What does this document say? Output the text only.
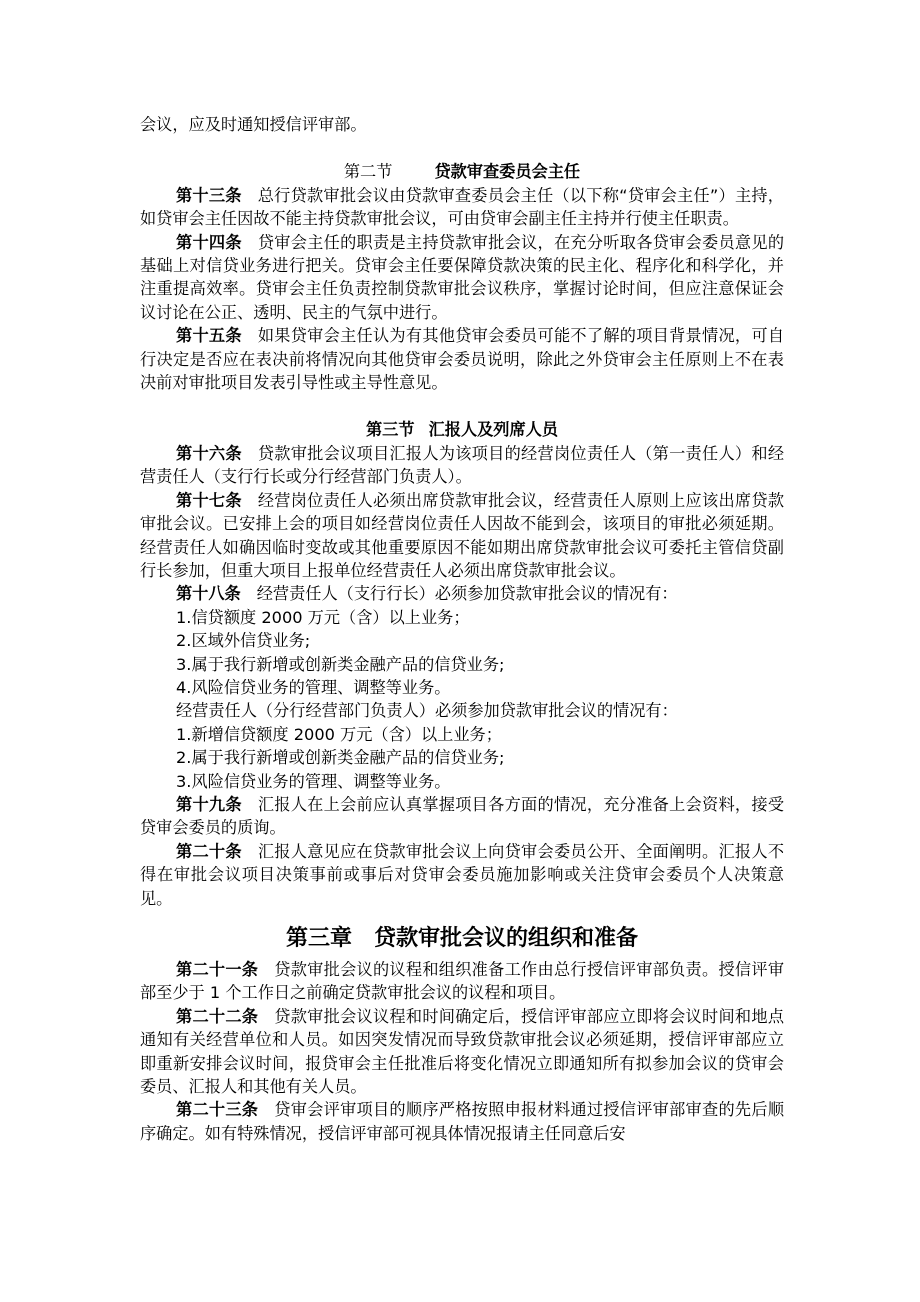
会议，应及时通知授信评审部。

第二节	贷款审查委员会主任

第十三条 总行贷款审批会议由贷款审查委员会主任（以下称“贷审会主任”）主持，如贷审会主任因故不能主持贷款审批会议，可由贷审会副主任主持并行使主任职责。

第十四条 贷审会主任的职责是主持贷款审批会议，在充分听取各贷审会委员意见的基础上对信贷业务进行把关。贷审会主任要保障贷款决策的民主化、程序化和科学化，并注重提高效率。贷审会主任负责控制贷款审批会议秩序，掌握讨论时间，但应注意保证会议讨论在公正、透明、民主的气氛中进行。

第十五条 如果贷审会主任认为有其他贷审会委员可能不了解的项目背景情况，可自行决定是否应在表决前将情况向其他贷审会委员说明，除此之外贷审会主任原则上不在表决前对审批项目发表引导性或主导性意见。

第三节 汇报人及列席人员

第十六条 贷款审批会议项目汇报人为该项目的经营岗位责任人（第一责任人）和经营责任人（支行行长或分行经营部门负责人）。

第十七条 经营岗位责任人必须出席贷款审批会议，经营责任人原则上应该出席贷款审批会议。已安排上会的项目如经营岗位责任人因故不能到会，该项目的审批必须延期。经营责任人如确因临时变故或其他重要原因不能如期出席贷款审批会议可委托主管信贷副行长参加，但重大项目上报单位经营责任人必须出席贷款审批会议。

第十八条 经营责任人（支行行长）必须参加贷款审批会议的情况有：

1.信贷额度 2000 万元（含）以上业务；

2.区域外信贷业务;

3.属于我行新增或创新类金融产品的信贷业务;

4.风险信贷业务的管理、调整等业务。

经营责任人（分行经营部门负责人）必须参加贷款审批会议的情况有：

1.新增信贷额度 2000 万元（含）以上业务；

2.属于我行新增或创新类金融产品的信贷业务;

3.风险信贷业务的管理、调整等业务。

第十九条 汇报人在上会前应认真掌握项目各方面的情况，充分准备上会资料，接受贷审会委员的质询。

第二十条 汇报人意见应在贷款审批会议上向贷审会委员公开、全面阐明。汇报人不得在审批会议项目决策事前或事后对贷审会委员施加影响或关注贷审会委员个人决策意见。

第三章 贷款审批会议的组织和准备

第二十一条 贷款审批会议的议程和组织准备工作由总行授信评审部负责。授信评审部至少于 1 个工作日之前确定贷款审批会议的议程和项目。

第二十二条 贷款审批会议议程和时间确定后，授信评审部应立即将会议时间和地点通知有关经营单位和人员。如因突发情况而导致贷款审批会议必须延期，授信评审部应立即重新安排会议时间，报贷审会主任批准后将变化情况立即通知所有拟参加会议的贷审会委员、汇报人和其他有关人员。

第二十三条 贷审会评审项目的顺序严格按照申报材料通过授信评审部审查的先后顺序确定。如有特殊情况，授信评审部可视具体情况报请主任同意后安
